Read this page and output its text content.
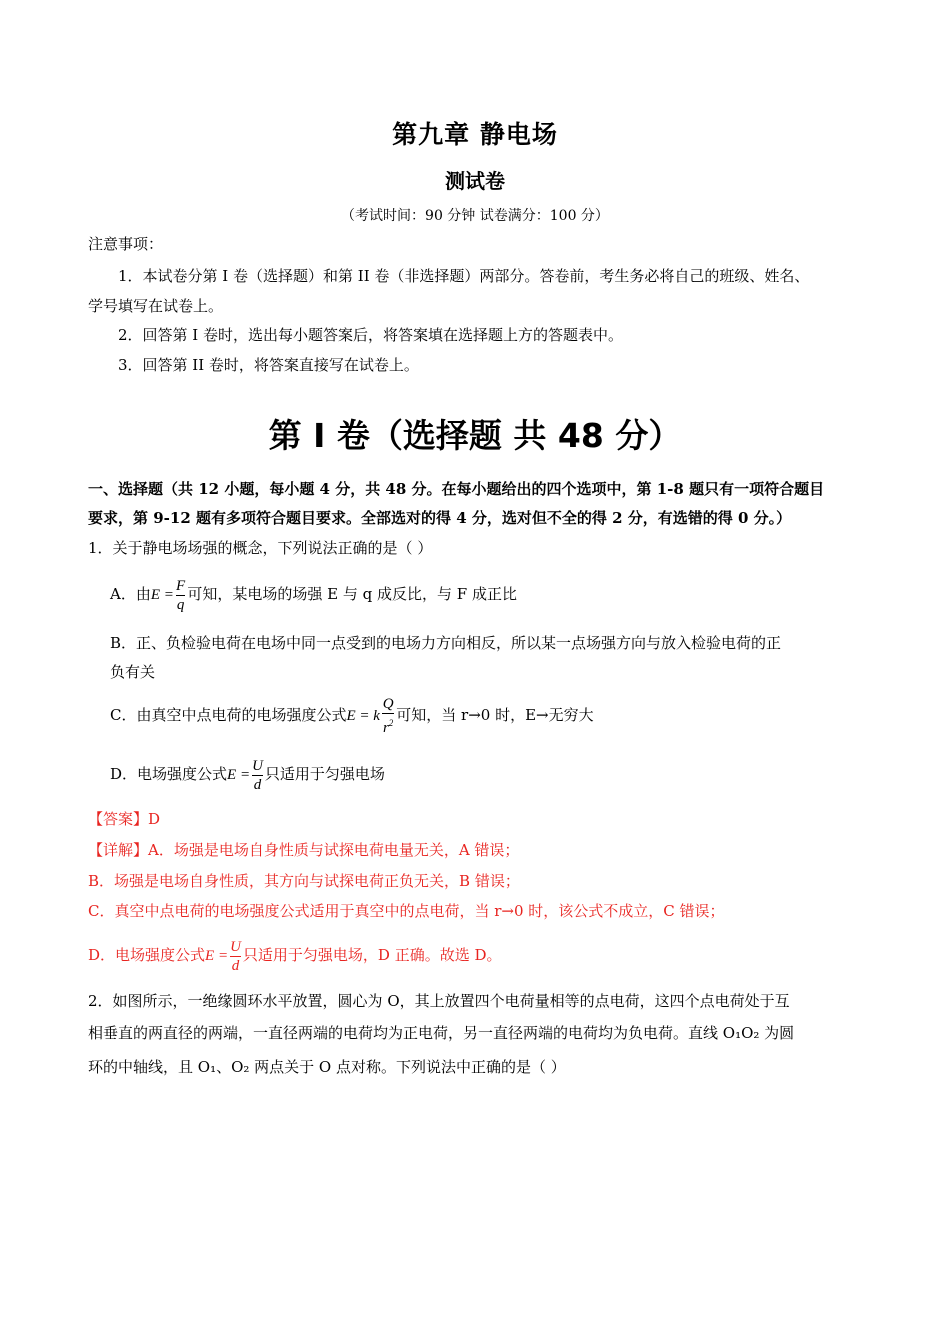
第九章 静电场
测试卷
（考试时间：90 分钟 试卷满分：100 分）
注意事项：
1．本试卷分第 I 卷（选择题）和第 II 卷（非选择题）两部分。答卷前，考生务必将自己的班级、姓名、
学号填写在试卷上。
2．回答第 I 卷时，选出每小题答案后，将答案填在选择题上方的答题表中。
3．回答第 II 卷时，将答案直接写在试卷上。
第 I 卷（选择题 共 48 分）
一、选择题（共 12 小题，每小题 4 分，共 48 分。在每小题给出的四个选项中，第 1-8 题只有一项符合题目
要求，第 9-12 题有多项符合题目要求。全部选对的得 4 分，选对但不全的得 2 分，有选错的得 0 分。）
1．关于静电场场强的概念，下列说法正确的是（ ）
A．由$E = \frac{F}{q}$ 可知，某电场的场强 E 与 q 成反比，与 F 成正比
B．正、负检验电荷在电场中同一点受到的电场力方向相反，所以某一点场强方向与放入检验电荷的正
负有关
C．由真空中点电荷的电场强度公式E = k $\frac{Q}{r^2}$ 可知，当 r→0 时，E→无穷大
D．电场强度公式$E = \frac{U}{d}$ 只适用于匀强电场
【答案】D
【详解】A．场强是电场自身性质与试探电荷电量无关，A 错误；
B．场强是电场自身性质，其方向与试探电荷正负无关，B 错误；
C．真空中点电荷的电场强度公式适用于真空中的点电荷，当 r→0 时，该公式不成立，C 错误；
D．电场强度公式$E = \frac{U}{d}$ 只适用于匀强电场，D 正确。故选 D。
2．如图所示，一绝缘圆环水平放置，圆心为 O，其上放置四个电荷量相等的点电荷，这四个点电荷处于互
相垂直的两直径的两端，一直径两端的电荷均为正电荷，另一直径两端的电荷均为负电荷。直线 O₁O₂ 为圆
环的中轴线，且 O₁、O₂ 两点关于 O 点对称。下列说法中正确的是（ ）
